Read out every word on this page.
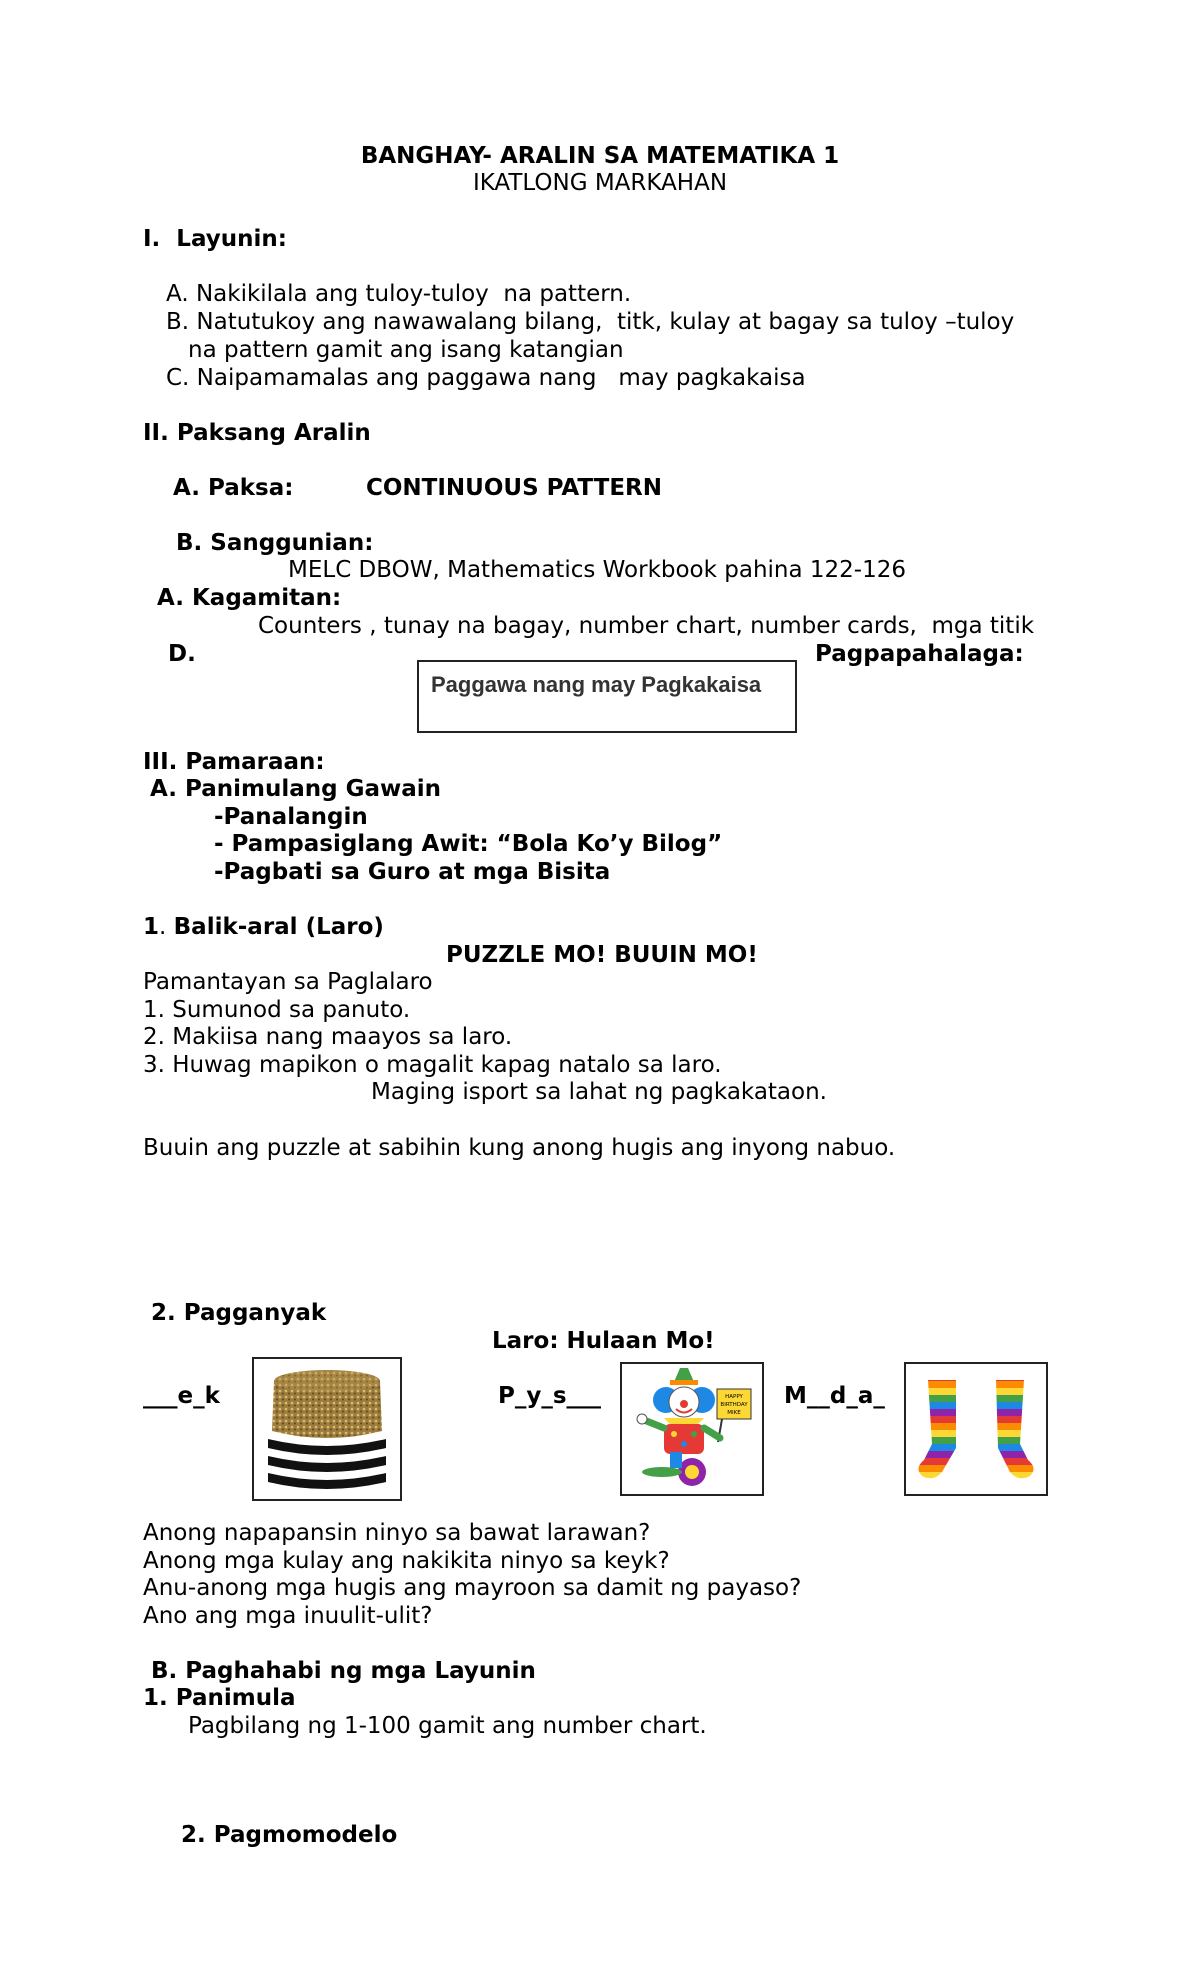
BANGHAY- ARALIN SA MATEMATIKA 1
IKATLONG MARKAHAN
I.  Layunin:
A. Nakikilala ang tuloy-tuloy  na pattern.
B. Natutukoy ang nawawalang bilang,  titk, kulay at bagay sa tuloy –tuloy
na pattern gamit ang isang katangian
C. Naipamamalas ang paggawa nang   may pagkakaisa
II. Paksang Aralin
A. Paksa:	CONTINUOUS PATTERN
B. Sanggunian:
MELC DBOW, Mathematics Workbook pahina 122-126
A. Kagamitan:
Counters , tunay na bagay, number chart, number cards,  mga titik
D.	Pagpapahalaga:
Paggawa nang may Pagkakaisa
III. Pamaraan:
A. Panimulang Gawain
-Panalangin
- Pampasiglang Awit: “Bola Ko’y Bilog”
-Pagbati sa Guro at mga Bisita
1. Balik-aral (Laro)
PUZZLE MO! BUUIN MO!
Pamantayan sa Paglalaro
1. Sumunod sa panuto.
2. Makiisa nang maayos sa laro.
3. Huwag mapikon o magalit kapag natalo sa laro.
Maging isport sa lahat ng pagkakataon.
Buuin ang puzzle at sabihin kung anong hugis ang inyong nabuo.
2. Pagganyak
Laro: Hulaan Mo!
___e_k	P_y_s___	M__d_a_
HAPPY
BIRTHDAY
MIKE
Anong napapansin ninyo sa bawat larawan?
Anong mga kulay ang nakikita ninyo sa keyk?
Anu-anong mga hugis ang mayroon sa damit ng payaso?
Ano ang mga inuulit-ulit?
B. Paghahabi ng mga Layunin
1. Panimula
Pagbilang ng 1-100 gamit ang number chart.
2. Pagmomodelo
